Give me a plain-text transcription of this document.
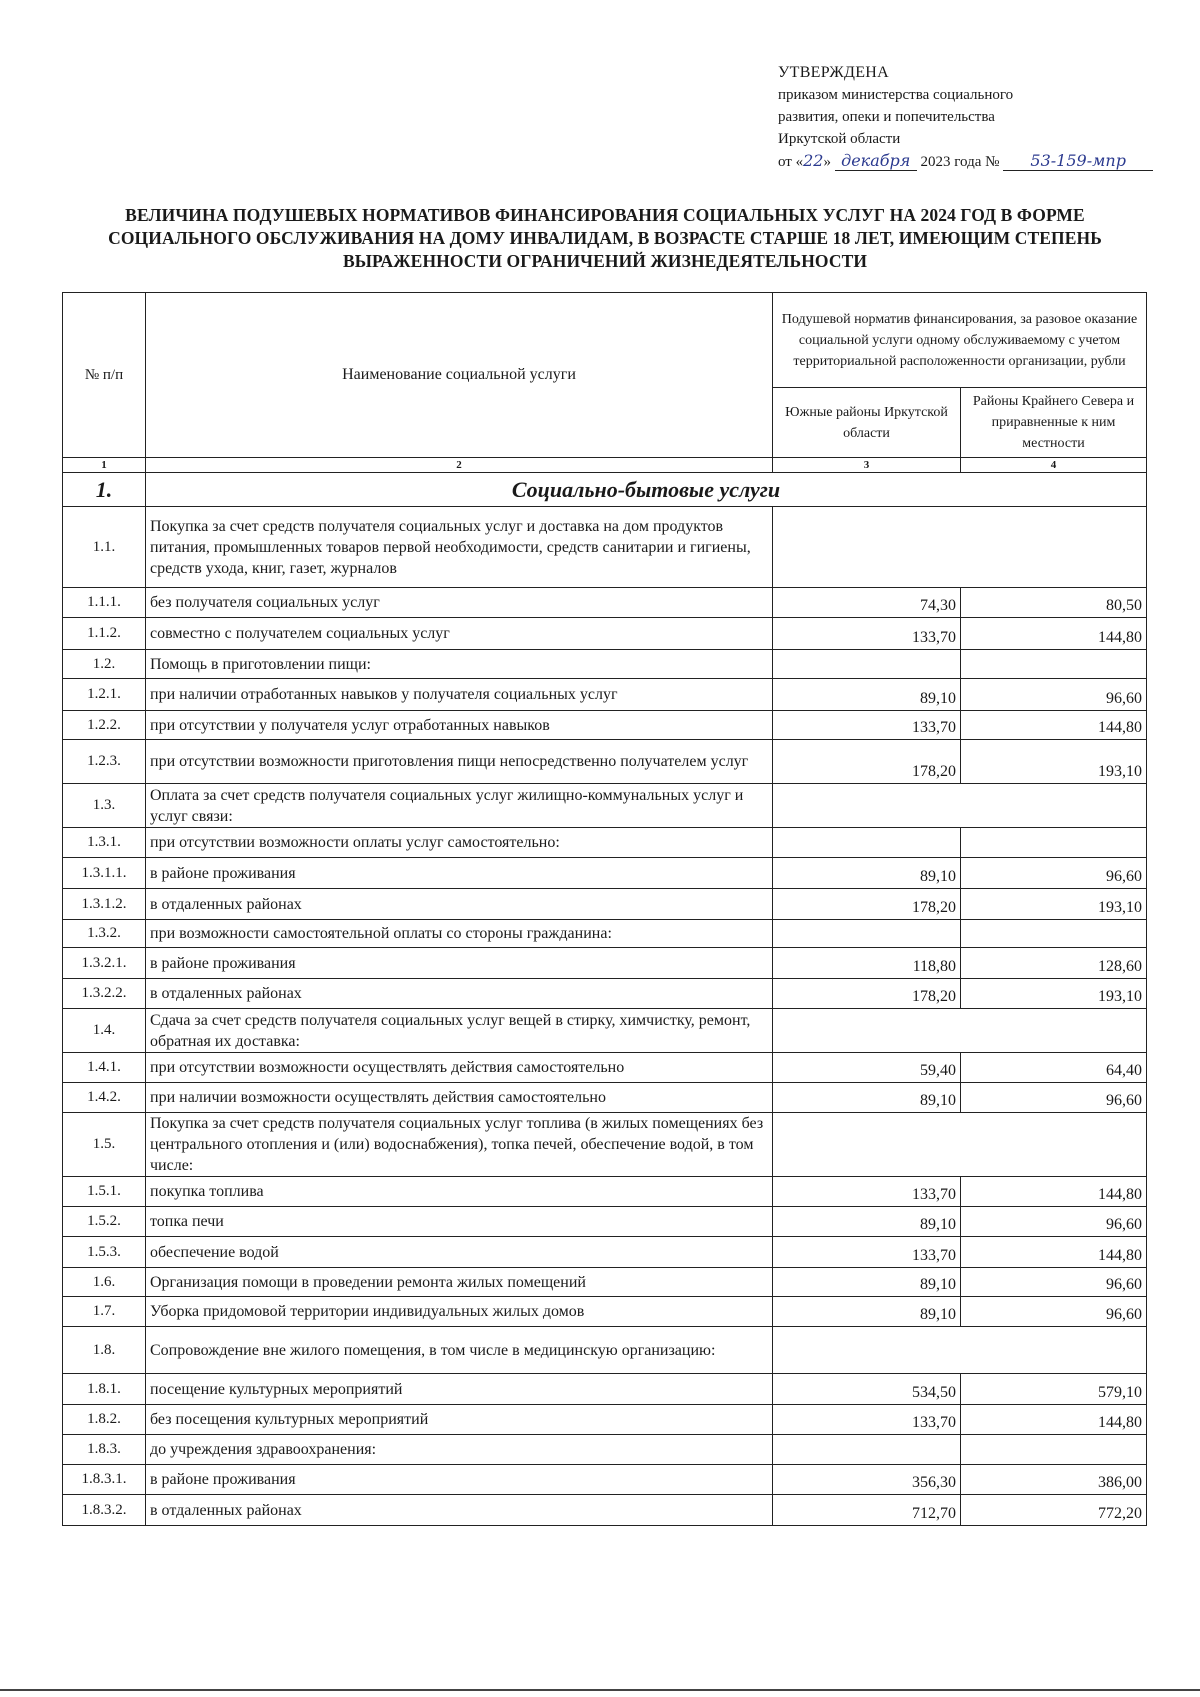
УТВЕРЖДЕНА
приказом министерства социального
развития, опеки и попечительства
Иркутской области
от «22» декабря 2023 года № 53-159-мпр
ВЕЛИЧИНА ПОДУШЕВЫХ НОРМАТИВОВ ФИНАНСИРОВАНИЯ СОЦИАЛЬНЫХ УСЛУГ НА 2024 ГОД В ФОРМЕ СОЦИАЛЬНОГО ОБСЛУЖИВАНИЯ НА ДОМУ ИНВАЛИДАМ, В ВОЗРАСТЕ СТАРШЕ 18 ЛЕТ, ИМЕЮЩИМ СТЕПЕНЬ ВЫРАЖЕННОСТИ ОГРАНИЧЕНИЙ ЖИЗНЕДЕЯТЕЛЬНОСТИ
№ п/п	Наименование социальной услуги	Подушевой норматив финансирования, за разовое оказание социальной услуги одному обслуживаемому с учетом территориальной расположенности организации, рубли	
		Южные районы Иркутской области	Районы Крайнего Севера и приравненные к ним местности
1	2	3	4
1.	Социально-бытовые услуги		
1.1.	Покупка за счет средств получателя социальных услуг и доставка на дом продуктов питания, промышленных товаров первой необходимости, средств санитарии и гигиены, средств ухода, книг, газет, журналов		
1.1.1.	без получателя социальных услуг	74,30	80,50
1.1.2.	совместно с получателем социальных услуг	133,70	144,80
1.2.	Помощь в приготовлении пищи:		
1.2.1.	при наличии отработанных навыков у получателя социальных услуг	89,10	96,60
1.2.2.	при отсутствии у получателя услуг отработанных навыков	133,70	144,80
1.2.3.	при отсутствии возможности приготовления пищи непосредственно получателем услуг	178,20	193,10
1.3.	Оплата за счет средств получателя социальных услуг жилищно-коммунальных услуг и услуг связи:		
1.3.1.	при отсутствии возможности оплаты услуг самостоятельно:		
1.3.1.1.	в районе проживания	89,10	96,60
1.3.1.2.	в отдаленных районах	178,20	193,10
1.3.2.	при возможности самостоятельной оплаты со стороны гражданина:		
1.3.2.1.	в районе проживания	118,80	128,60
1.3.2.2.	в отдаленных районах	178,20	193,10
1.4.	Сдача за счет средств получателя социальных услуг вещей в стирку, химчистку, ремонт, обратная их доставка:		
1.4.1.	при отсутствии возможности осуществлять действия самостоятельно	59,40	64,40
1.4.2.	при наличии возможности осуществлять действия самостоятельно	89,10	96,60
1.5.	Покупка за счет средств получателя социальных услуг топлива (в жилых помещениях без центрального отопления и (или) водоснабжения), топка печей, обеспечение водой, в том числе:		
1.5.1.	покупка топлива	133,70	144,80
1.5.2.	топка печи	89,10	96,60
1.5.3.	обеспечение водой	133,70	144,80
1.6.	Организация помощи в проведении ремонта жилых помещений	89,10	96,60
1.7.	Уборка придомовой территории индивидуальных жилых домов	89,10	96,60
1.8.	Сопровождение вне жилого помещения, в том числе в медицинскую организацию:		
1.8.1.	посещение культурных мероприятий	534,50	579,10
1.8.2.	без посещения культурных мероприятий	133,70	144,80
1.8.3.	до учреждения здравоохранения:		
1.8.3.1.	в районе проживания	356,30	386,00
1.8.3.2.	в отдаленных районах	712,70	772,20
